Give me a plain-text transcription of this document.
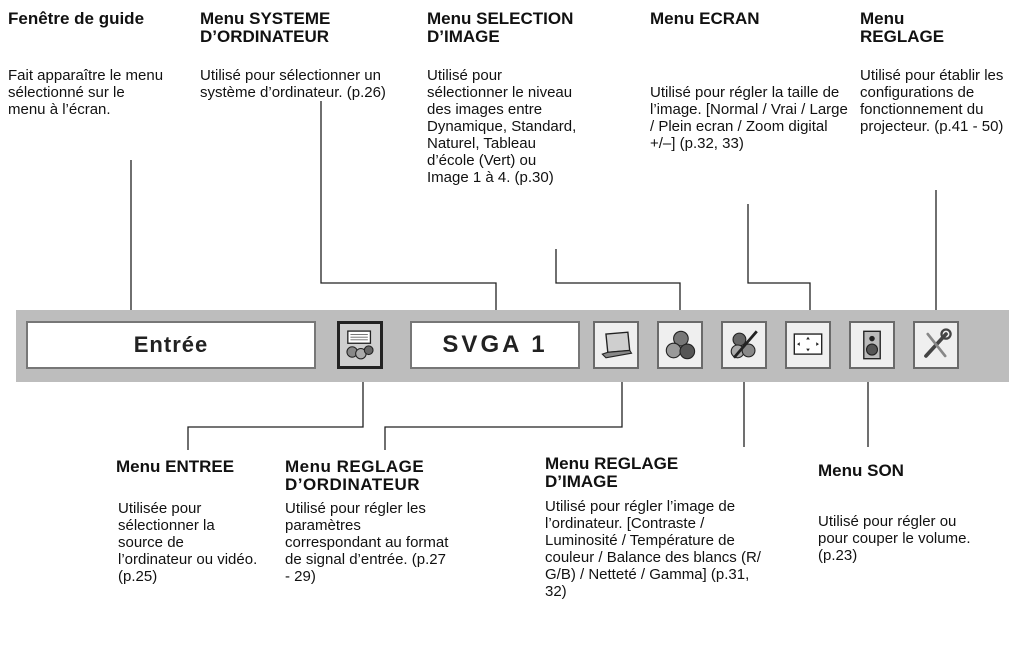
Fenêtre de guide
Fait apparaître le menu sélectionné sur le menu à l’écran.
Menu SYSTEME D’ORDINATEUR
Utilisé pour sélectionner un système d’ordinateur. (p.26)
Menu SELECTION D’IMAGE
Utilisé pour sélectionner le niveau des images entre Dynamique, Standard, Naturel, Tableau d’école (Vert) ou Image 1 à 4. (p.30)
Menu ECRAN
Utilisé pour régler la taille de l’image. [Normal / Vrai / Large / Plein ecran / Zoom digital +/–] (p.32, 33)
Menu REGLAGE
Utilisé pour établir les configurations de fonctionnement du projecteur. (p.41 - 50)
Entrée	SVGA 1
Menu ENTREE
Utilisée pour sélectionner la source de l’ordinateur ou vidéo. (p.25)
Menu REGLAGE D’ORDINATEUR
Utilisé pour régler les paramètres correspondant au format de signal d’entrée. (p.27 - 29)
Menu REGLAGE D’IMAGE
Utilisé pour régler l’image de l’ordinateur. [Contraste / Luminosité / Température de couleur / Balance des blancs (R/ G/B) / Netteté / Gamma] (p.31, 32)
Menu SON
Utilisé pour régler ou pour couper le volume. (p.23)
